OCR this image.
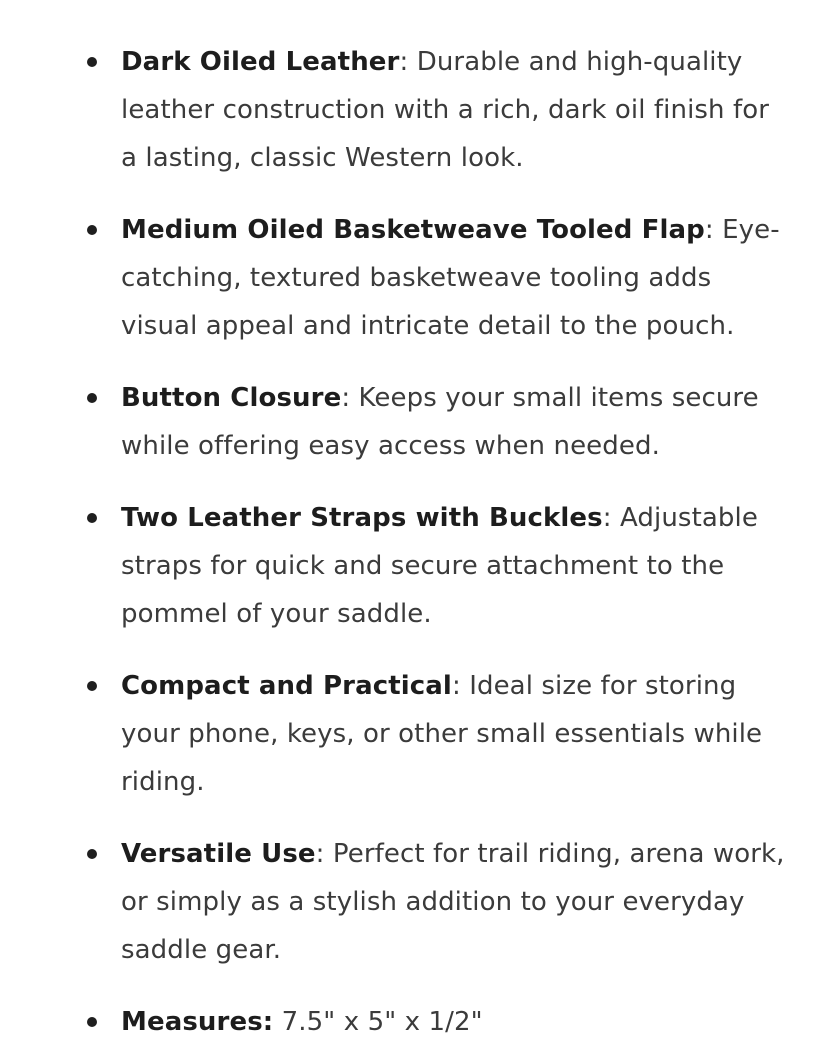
Dark Oiled Leather: Durable and high-quality leather construction with a rich, dark oil finish for a lasting, classic Western look.
Medium Oiled Basketweave Tooled Flap: Eye-catching, textured basketweave tooling adds visual appeal and intricate detail to the pouch.
Button Closure: Keeps your small items secure while offering easy access when needed.
Two Leather Straps with Buckles: Adjustable straps for quick and secure attachment to the pommel of your saddle.
Compact and Practical: Ideal size for storing your phone, keys, or other small essentials while riding.
Versatile Use: Perfect for trail riding, arena work, or simply as a stylish addition to your everyday saddle gear.
Measures: 7.5" x 5" x 1/2"
